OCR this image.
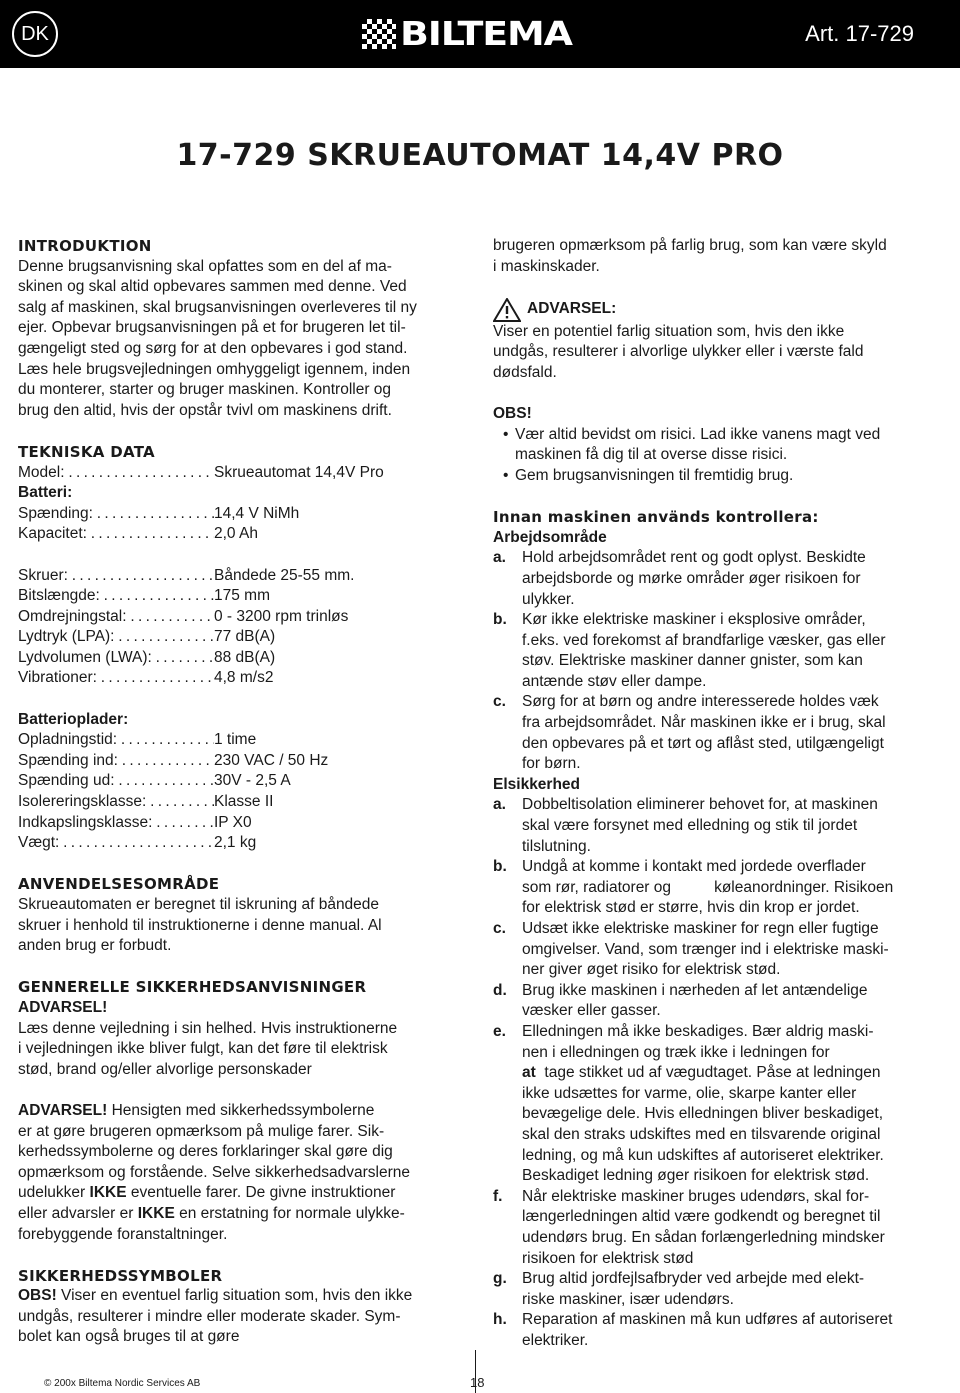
DK	BILTEMA	Art. 17-729
17-729 SKRUEAUTOMAT 14,4V PRO

INTRODUKTION

Denne brugsanvisning skal opfattes som en del af ma-

skinen og skal altid opbevares sammen med denne. Ved

salg af maskinen, skal brugsanvisningen overleveres til ny

ejer. Opbevar brugsanvisningen på et for brugeren let til-

gængeligt sted og sørg for at den opbevares i god stand.

Læs hele brugsvejledningen omhyggeligt igennem, inden

du monterer, starter og bruger maskinen. Kontroller og

brug den altid, hvis der opstår tvivl om maskinens drift.

TEKNISKA DATA

Model: . . .	Skrueautomat 14,4V Pro

Batteri:

Spænding: . . .	14,4 V NiMh
Kapacitet: . . .	2,0 Ah
Skruer: . . .	Båndede 25-55 mm.
Bitslængde: . . .	175 mm
Omdrejningstal: . . .	0 - 3200 rpm trinløs
Lydtryk (LPA): . . .	77 dB(A)
Lydvolumen (LWA): . . .	88 dB(A)
Vibrationer: . . .	4,8 m/s2

Batterioplader:

Opladningstid: . . .	1 time
Spænding ind: . . .	230 VAC / 50 Hz
Spænding ud: . . .	30V - 2,5 A
Isolereringsklasse: . . .	Klasse II
Indkapslingsklasse: . . .	IP X0
Vægt: . . .	2,1 kg

ANVENDELSESOMRÅDE

Skrueautomaten er beregnet til iskruning af båndede

skruer i henhold til instruktionerne i denne manual. Al

anden brug er forbudt.

GENNERELLE SIKKERHEDSANVISNINGER

ADVARSEL!

Læs denne vejledning i sin helhed. Hvis instruktionerne

i vejledningen ikke bliver fulgt, kan det føre til elektrisk

stød, brand og/eller alvorlige personskader

ADVARSEL! Hensigten med sikkerhedssymbolerne

er at gøre brugeren opmærksom på mulige farer. Sik-

kerhedssymbolerne og deres forklaringer skal gøre dig

opmærksom og forstående. Selve sikkerhedsadvarslerne

udelukker IKKE eventuelle farer. De givne instruktioner

eller advarsler er IKKE en erstatning for normale ulykke-

forebyggende foranstaltninger.

SIKKERHEDSSYMBOLER

OBS! Viser en eventuel farlig situation som, hvis den ikke

undgås, resulterer i mindre eller moderate skader. Sym-

bolet kan også bruges til at gøre

brugeren opmærksom på farlig brug, som kan være skyld

i maskinskader.

ADVARSEL:

Viser en potentiel farlig situation som, hvis den ikke

undgås, resulterer i alvorlige ulykker eller i værste fald

dødsfald.

OBS!

• Vær altid bevidst om risici. Lad ikke vanens magt ved

maskinen få dig til at overse disse risici.

• Gem brugsanvisningen til fremtidig brug.

Innan maskinen används kontrollera:

Arbejdsområde

a.	Hold arbejdsområdet rent og godt oplyst. Beskidte

arbejdsborde og mørke områder øger risikoen for

ulykker.

b. Kør ikke elektriske maskiner i eksplosive områder,

f.eks. ved forekomst af brandfarlige væsker, gas eller

støv. Elektriske maskiner danner gnister, som kan

antænde støv eller dampe.

c.	Sørg for at børn og andre interesserede holdes væk

fra arbejdsområdet. Når maskinen ikke er i brug, skal

den opbevares på et tørt og aflåst sted, utilgængeligt

for børn.

Elsikkerhed

a.	Dobbeltisolation eliminerer behovet for, at maskinen

skal være forsynet med elledning og stik til jordet

tilslutning.

b. Undgå at komme i kontakt med jordede overflader

som rør, radiatorer og          køleanordninger. Risikoen

for elektrisk stød er større, hvis din krop er jordet.

c.	Udsæt ikke elektriske maskiner for regn eller fugtige

omgivelser. Vand, som trænger ind i elektriske maski-

ner giver øget risiko for elektrisk stød.

d. Brug ikke maskinen i nærheden af let antændelige

væsker eller gasser.

e.	Elledningen må ikke beskadiges. Bær aldrig maski-

nen i elledningen og træk ikke i ledningen for

at  tage stikket ud af vægudtaget. Påse at ledningen

ikke udsættes for varme, olie, skarpe kanter eller

bevægelige dele. Hvis elledningen bliver beskadiget,

skal den straks udskiftes med en tilsvarende original

ledning, og må kun udskiftes af autoriseret elektriker.

Beskadiget ledning øger risikoen for elektrisk stød.

f.	Når elektriske maskiner bruges udendørs, skal for-

længerledningen altid være godkendt og beregnet til

udendørs brug. En sådan forlængerledning mindsker

risikoen for elektrisk stød

g. Brug altid jordfejlsafbryder ved arbejde med elekt-

riske maskiner, især udendørs.

h. Reparation af maskinen må kun udføres af autoriseret

elektriker.

© 200x Biltema Nordic Services AB	18
